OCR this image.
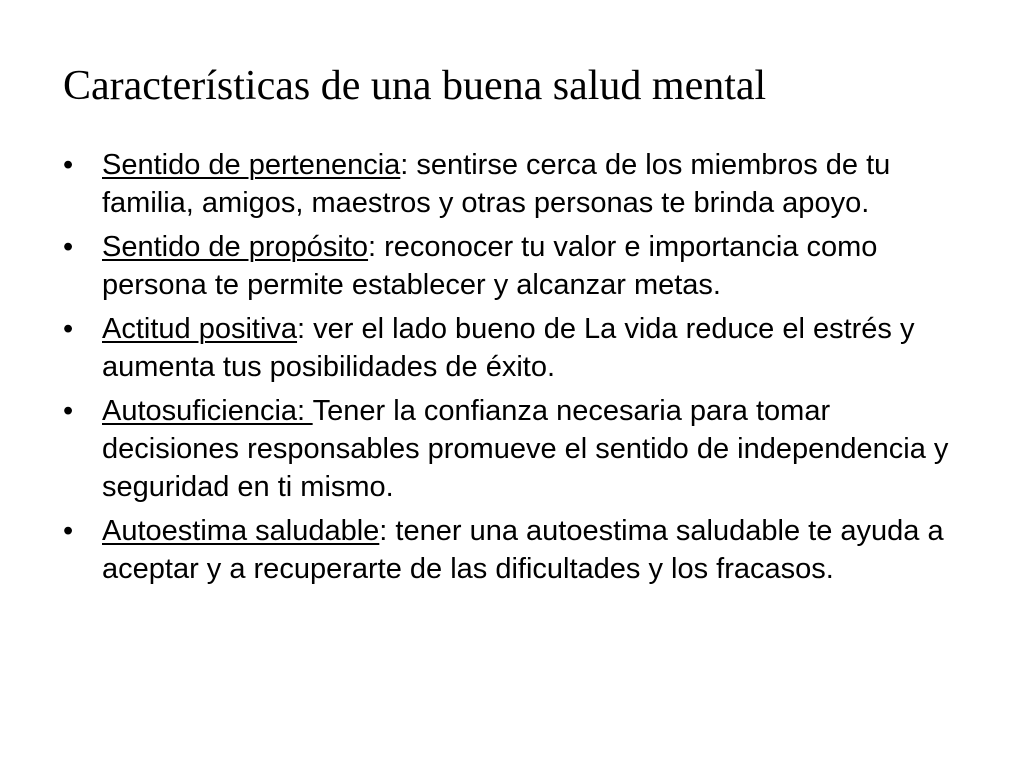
Características de una buena salud mental
• Sentido de pertenencia: sentirse cerca de los miembros de tu familia, amigos, maestros y otras personas te brinda apoyo.
• Sentido de propósito: reconocer tu valor e importancia como persona te permite establecer y alcanzar metas.
• Actitud positiva: ver el lado bueno de La vida reduce el estrés y aumenta tus posibilidades de éxito.
• Autosuficiencia: Tener la confianza necesaria para tomar decisiones responsables promueve el sentido de independencia y seguridad en ti mismo.
• Autoestima saludable: tener una autoestima saludable te ayuda a aceptar y a recuperarte de las dificultades y los fracasos.
